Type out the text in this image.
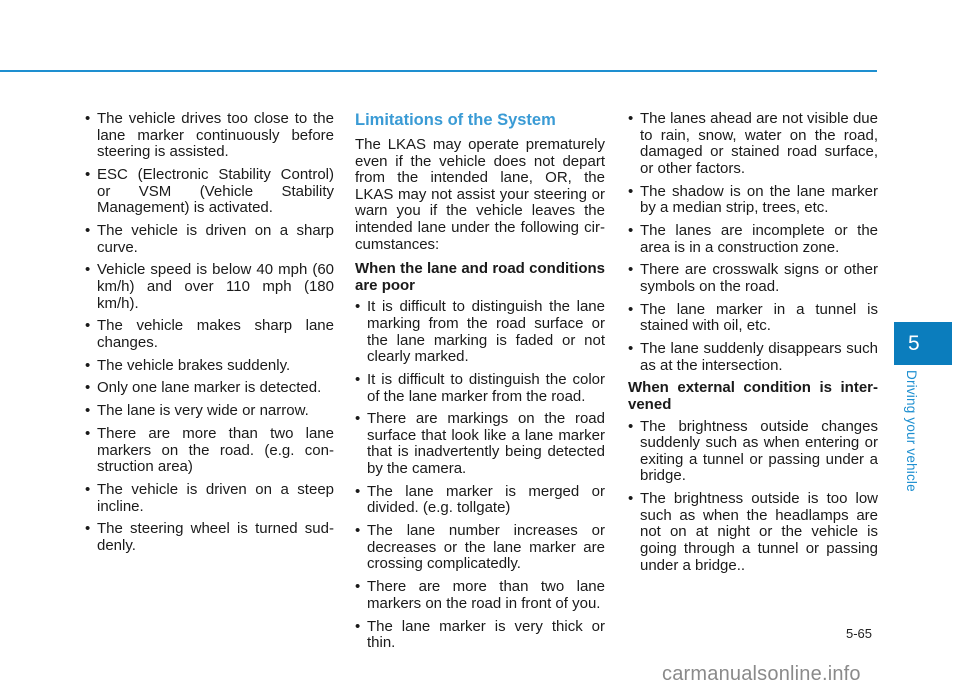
• The vehicle drives too close to the lane marker continuously before steering is assisted.
• ESC (Electronic Stability Control) or VSM (Vehicle Stability Management) is activated.
• The vehicle is driven on a sharp curve.
• Vehicle speed is below 40 mph (60 km/h) and over 110 mph (180 km/h).
• The vehicle makes sharp lane changes.
• The vehicle brakes suddenly.
• Only one lane marker is detected.
• The lane is very wide or narrow.
• There are more than two lane markers on the road. (e.g. construction area)
• The vehicle is driven on a steep incline.
• The steering wheel is turned suddenly.
Limitations of the System

The LKAS may operate prematurely even if the vehicle does not depart from the intended lane, OR, the LKAS may not assist your steering or warn you if the vehicle leaves the intended lane under the following circumstances:

When the lane and road conditions are poor

• It is difficult to distinguish the lane marking from the road surface or the lane marking is faded or not clearly marked.
• It is difficult to distinguish the color of the lane marker from the road.
• There are markings on the road surface that look like a lane marker that is inadvertently being detected by the camera.
• The lane marker is merged or divided. (e.g. tollgate)
• The lane number increases or decreases or the lane marker are crossing complicatedly.
• There are more than two lane markers on the road in front of you.
• The lane marker is very thick or thin.
• The lanes ahead are not visible due to rain, snow, water on the road, damaged or stained road surface, or other factors.
• The shadow is on the lane marker by a median strip, trees, etc.
• The lanes are incomplete or the area is in a construction zone.
• There are crosswalk signs or other symbols on the road.
• The lane marker in a tunnel is stained with oil, etc.
• The lane suddenly disappears such as at the intersection.

When external condition is intervened

• The brightness outside changes suddenly such as when entering or exiting a tunnel or passing under a bridge.
• The brightness outside is too low such as when the headlamps are not on at night or the vehicle is going through a tunnel or passing under a bridge..
5
Driving your vehicle
5-65
carmanualsonline.info
